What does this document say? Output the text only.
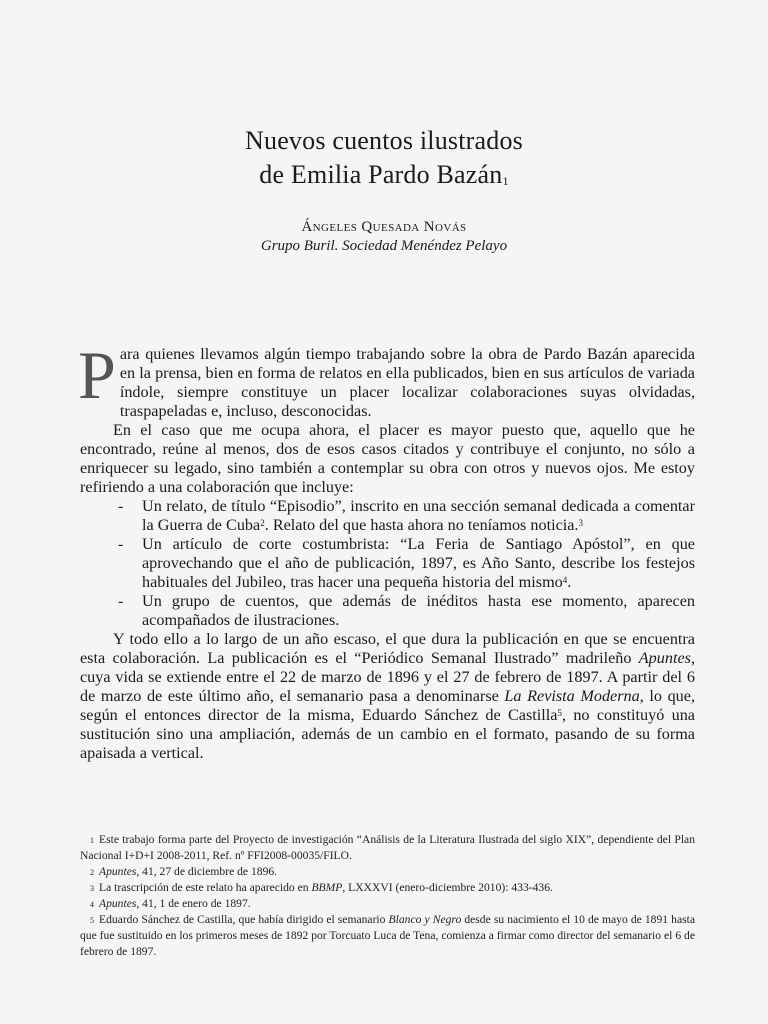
Nuevos cuentos ilustrados
de Emilia Pardo Bazán$^1$
Ángeles Quesada Novás
Grupo Buril. Sociedad Menéndez Pelayo

Para quienes llevamos algún tiempo trabajando sobre la obra de Pardo Bazán aparecida en la prensa, bien en forma de relatos en ella publicados, bien en sus artículos de variada índole, siempre constituye un placer localizar colaboraciones suyas olvidadas, traspapeladas e, incluso, desconocidas.

En el caso que me ocupa ahora, el placer es mayor puesto que, aquello que he encontrado, reúne al menos, dos de esos casos citados y contribuye el conjunto, no sólo a enriquecer su legado, sino también a contemplar su obra con otros y nuevos ojos. Me estoy refiriendo a una colaboración que incluye:

- Un relato, de título “Episodio”, inscrito en una sección semanal dedicada a comentar la Guerra de Cuba$^2$. Relato del que hasta ahora no teníamos noticia.$^3$
- Un artículo de corte costumbrista: “La Feria de Santiago Apóstol”, en que aprovechando que el año de publicación, 1897, es Año Santo, describe los festejos habituales del Jubileo, tras hacer una pequeña historia del mismo$^4$.
- Un grupo de cuentos, que además de inéditos hasta ese momento, aparecen acompañados de ilustraciones.

Y todo ello a lo largo de un año escaso, el que dura la publicación en que se encuentra esta colaboración. La publicación es el “Periódico Semanal Ilustrado” madrileño Apuntes, cuya vida se extiende entre el 22 de marzo de 1896 y el 27 de febrero de 1897. A partir del 6 de marzo de este último año, el semanario pasa a denominarse La Revista Moderna, lo que, según el entonces director de la misma, Eduardo Sánchez de Castilla$^5$, no constituyó una sustitución sino una ampliación, además de un cambio en el formato, pasando de su forma apaisada a vertical.

$^1$ Este trabajo forma parte del Proyecto de investigación “Análisis de la Literatura Ilustrada del siglo XIX”, dependiente del Plan Nacional I+D+I 2008-2011, Ref. nº FFI2008-00035/FILO.

$^2$ Apuntes, 41, 27 de diciembre de 1896.

$^3$ La trascripción de este relato ha aparecido en BBMP, LXXXVI (enero-diciembre 2010): 433-436.

$^4$ Apuntes, 41, 1 de enero de 1897.

$^5$ Eduardo Sánchez de Castilla, que había dirigido el semanario Blanco y Negro desde su nacimiento el 10 de mayo de 1891 hasta que fue sustituido en los primeros meses de 1892 por Torcuato Luca de Tena, comienza a firmar como director del semanario el 6 de febrero de 1897.
